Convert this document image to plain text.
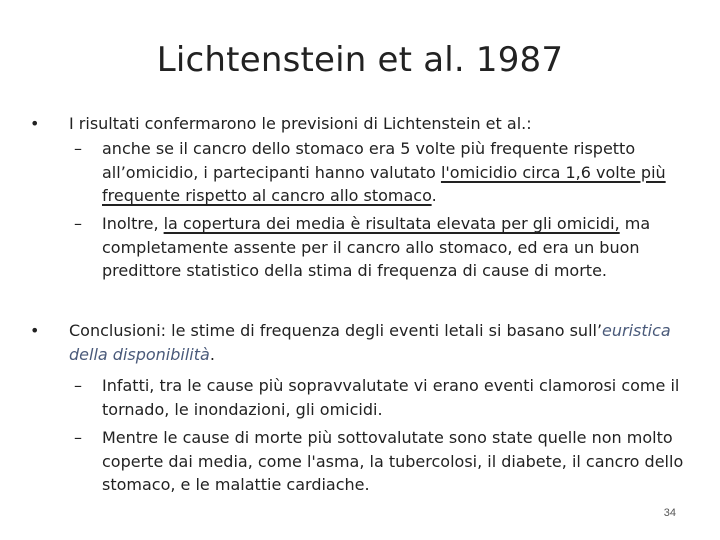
Lichtenstein et al. 1987
• I risultati confermarono le previsioni di Lichtenstein et al.:
– anche se il cancro dello stomaco era 5 volte più frequente rispetto all’omicidio, i partecipanti hanno valutato l'omicidio circa 1,6 volte più frequente rispetto al cancro allo stomaco.
– Inoltre, la copertura dei media è risultata elevata per gli omicidi, ma completamente assente per il cancro allo stomaco, ed era un buon predittore statistico della stima di frequenza di cause di morte.
• Conclusioni: le stime di frequenza degli eventi letali si basano sull’euristica della disponibilità.
– Infatti, tra le cause più sopravvalutate vi erano eventi clamorosi come il tornado, le inondazioni, gli omicidi.
– Mentre le cause di morte più sottovalutate sono state quelle non molto coperte dai media, come l'asma, la tubercolosi, il diabete, il cancro dello stomaco, e le malattie cardiache.
34
